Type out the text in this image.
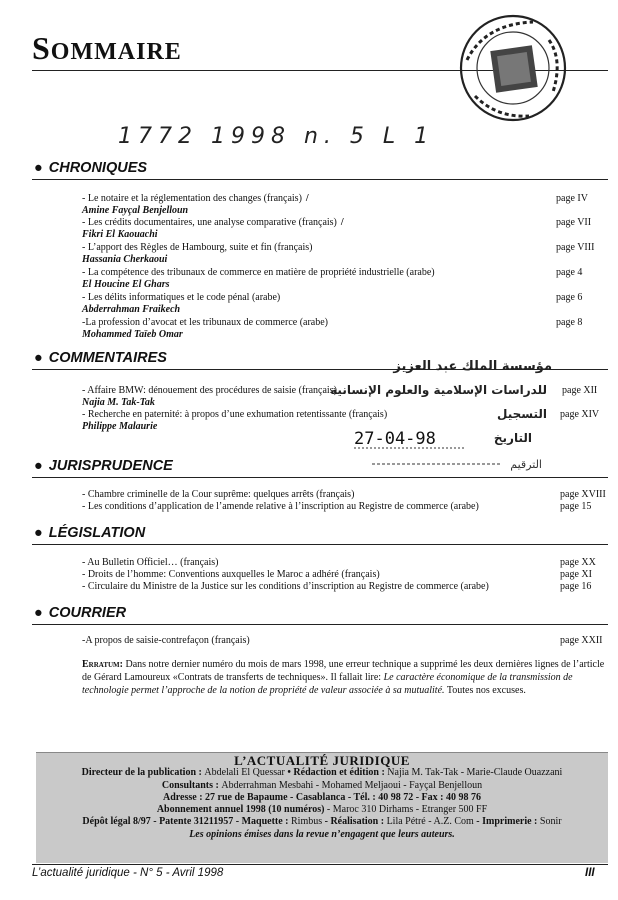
SOMMAIRE
1772 1998 n. 5 L 1
● CHRONIQUES
- Le notaire et la réglementation des changes (français) /	page IV
Amine Fayçal Benjelloun
- Les crédits documentaires, une analyse comparative (français) /	page VII
Fikri El Kaouachi
- L’apport des Règles de Hambourg, suite et fin (français)	page VIII
Hassania Cherkaoui
- La compétence des tribunaux de commerce en matière de propriété industrielle (arabe)	page 4
El Houcine El Ghars
- Les délits informatiques et le code pénal (arabe)	page 6
Abderrahman Fraikech
-La profession d’avocat et les tribunaux de commerce (arabe)	page 8
Mohammed Taïeb Omar
● COMMENTAIRES
- Affaire BMW: dénouement des procédures de saisie (français)	page XII
Najia M. Tak-Tak
- Recherche en paternité: à propos d’une exhumation retentissante (français)	page XIV
Philippe Malaurie
مؤسسة الملك عبد العزيز
للدراسات الإسلامية والعلوم الإنسانية
التسجيل
التاريخ
27-04-98
الترقيم
● JURISPRUDENCE
- Chambre criminelle de la Cour suprême: quelques arrêts (français)	page XVIII
- Les conditions d’application de l’amende relative à l’inscription au Registre de commerce (arabe)	page 15
● LÉGISLATION
- Au Bulletin Officiel… (français)	page XX
- Droits de l’homme: Conventions auxquelles le Maroc a adhéré (français)	page XI
- Circulaire du Ministre de la Justice sur les conditions d’inscription au Registre de commerce (arabe)	page 16
● COURRIER
-A propos de saisie-contrefaçon (français)	page XXII
Erratum: Dans notre dernier numéro du mois de mars 1998, une erreur technique a supprimé les deux dernières lignes de l’article de Gérard Lamoureux «Contrats de transferts de techniques». Il fallait lire: Le caractère économique de la transmission de technologie permet l’approche de la notion de propriété de valeur associée à sa mutualité. Toutes nos excuses.
L’ACTUALITÉ JURIDIQUE
Directeur de la publication : Abdelali El Quessar • Rédaction et édition : Najia M. Tak-Tak - Marie-Claude Ouazzani
Consultants : Abderrahman Mesbahi - Mohamed Meljaoui - Fayçal Benjelloun
Adresse : 27 rue de Bapaume - Casablanca - Tél. : 40 98 72 - Fax : 40 98 76
Abonnement annuel 1998 (10 numéros) - Maroc 310 Dirhams - Etranger 500 FF
Dépôt légal 8/97 - Patente 31211957 - Maquette : Rimbus - Réalisation : Lila Pétré - A.Z. Com - Imprimerie : Sonir
Les opinions émises dans la revue n’engagent que leurs auteurs.
L’actualité juridique - N° 5 - Avril 1998	III
